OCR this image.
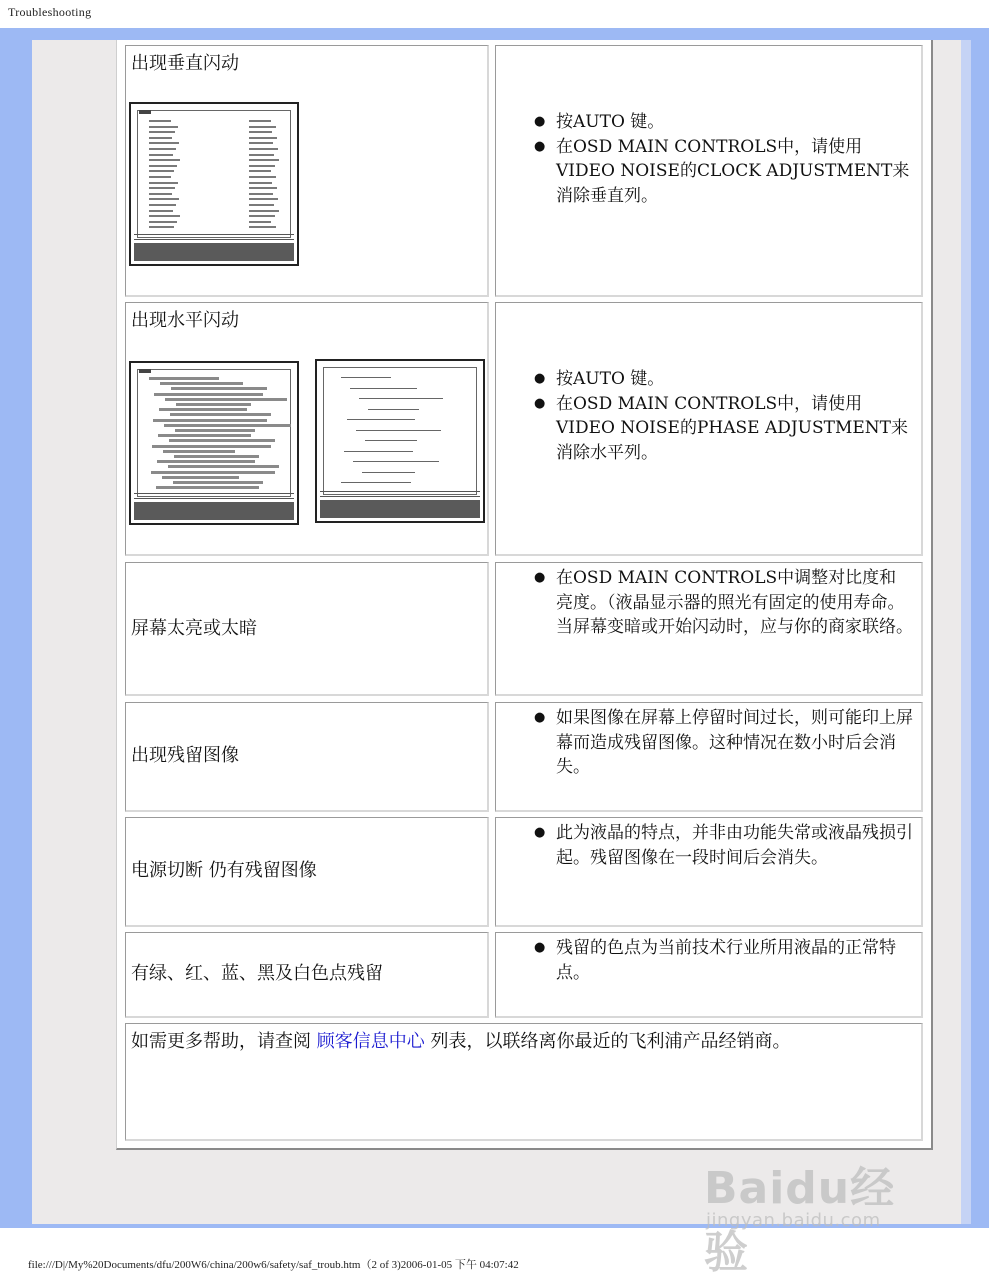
Troubleshooting
出现垂直闪动
● 按AUTO 键。
● 在OSD MAIN CONTROLS中，请使用VIDEO NOISE的CLOCK ADJUSTMENT来消除垂直列。
出现水平闪动
● 按AUTO 键。
● 在OSD MAIN CONTROLS中，请使用VIDEO NOISE的PHASE ADJUSTMENT来消除水平列。
屏幕太亮或太暗
● 在OSD MAIN CONTROLS中调整对比度和亮度。（液晶显示器的照光有固定的使用寿命。当屏幕变暗或开始闪动时，应与你的商家联络。
出现残留图像
● 如果图像在屏幕上停留时间过长，则可能印上屏幕而造成残留图像。这种情况在数小时后会消失。
电源切断 仍有残留图像
● 此为液晶的特点，并非由功能失常或液晶残损引起。残留图像在一段时间后会消失。
有绿、红、蓝、黑及白色点残留
● 残留的色点为当前技术行业所用液晶的正常特点。
如需更多帮助，请查阅 顾客信息中心 列表，以联络离你最近的飞利浦产品经销商。
Baidu经验
jingyan.baidu.com
file:///D|/My%20Documents/dfu/200W6/china/200w6/safety/saf_troub.htm（2 of 3)2006-01-05 下午 04:07:42
